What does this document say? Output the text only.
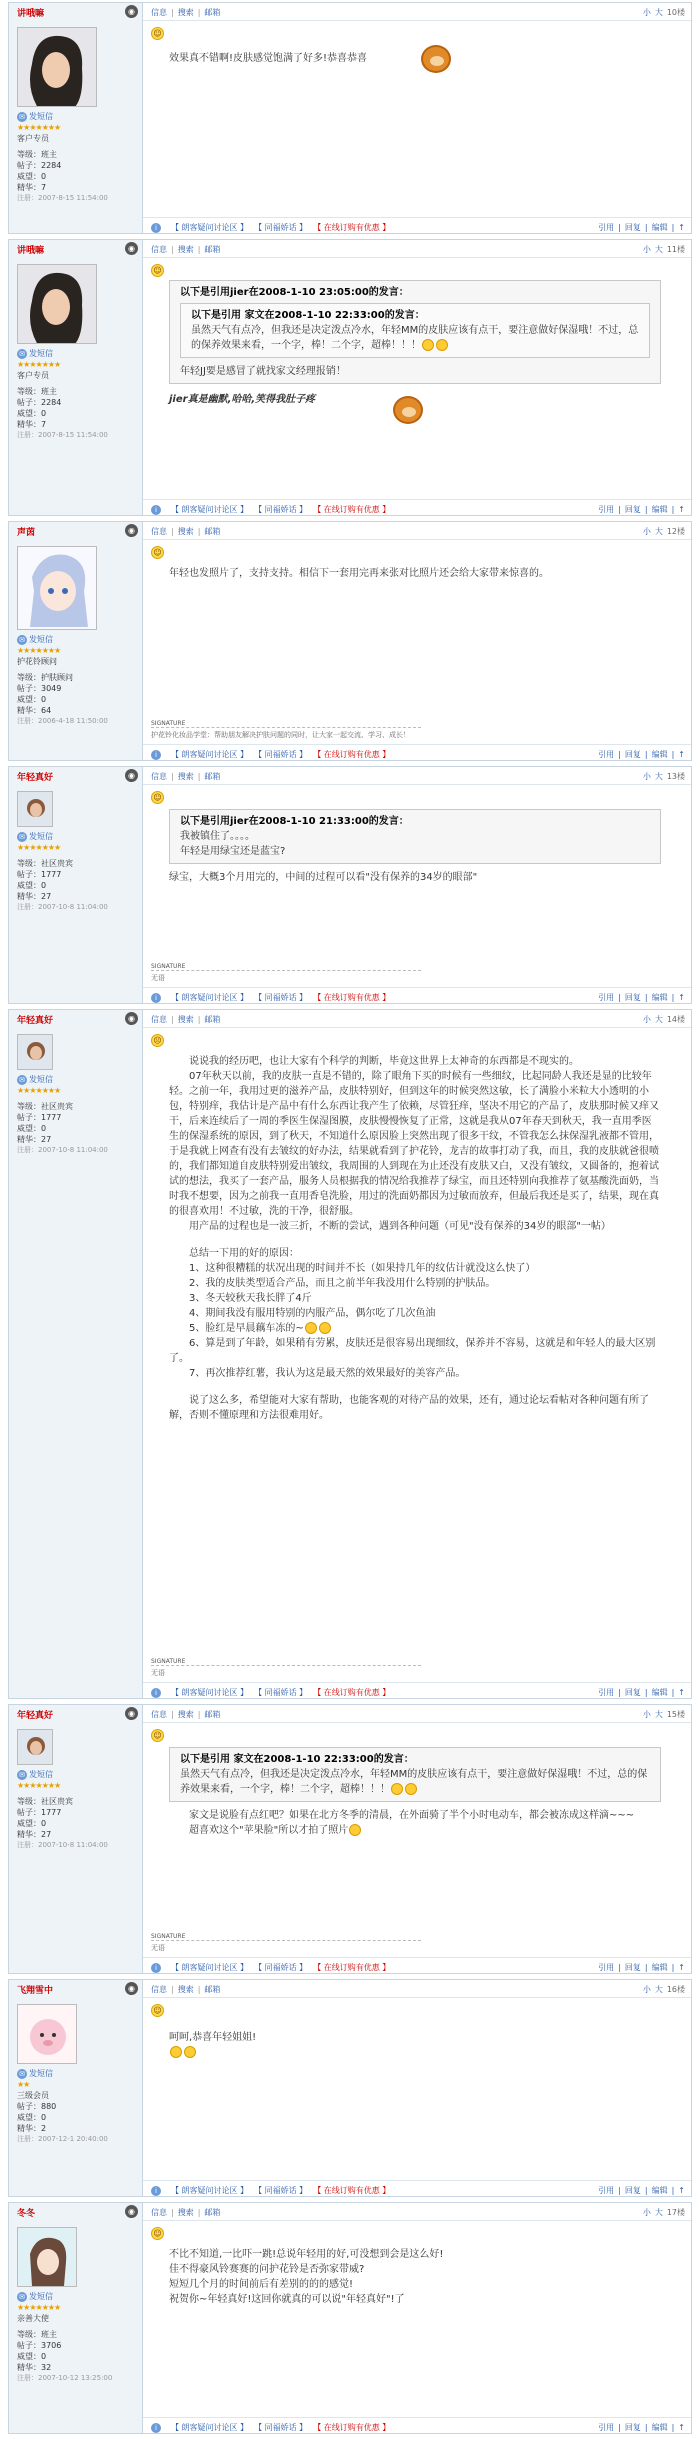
讲哦嘛	◉
✉ 发短信
★★★★★★★
客户专员
等级：班主
帖子：2284
威望：0
精华：7
注册：2007-8-15 11:54:00
信息 | 搜索 | 邮箱	小 大 10楼
☺
效果真不错啊!皮肤感觉饱满了好多!恭喜恭喜
i 【 朗客疑问讨论区 】 【 同福娇话 】 【 在线订购有优惠 】	引用 | 回复 | 编辑 | ↑
讲哦嘛	◉
✉ 发短信
★★★★★★★
客户专员
等级：班主
帖子：2284
威望：0
精华：7
注册：2007-8-15 11:54:00
信息 | 搜索 | 邮箱	小 大 11楼
☺
以下是引用jier在2008-1-10 23:05:00的发言：
以下是引用 家文在2008-1-10 22:33:00的发言：
虽然天气有点冷，但我还是决定泼点冷水，年轻MM的皮肤应该有点干，要注意做好保湿哦！不过，总的保养效果来看，一个字，棒！二个字，超棒！！！
年轻JJ要是感冒了就找家文经理报销！
jier真是幽默,哈哈,笑得我肚子疼
i 【 朗客疑问讨论区 】 【 同福娇话 】 【 在线订购有优惠 】	引用 | 回复 | 编辑 | ↑
声茵	◉
✉ 发短信
★★★★★★★
护花铃顾问
等级：护肤顾问
帖子：3049
威望：0
精华：64
注册：2006-4-18 11:50:00
信息 | 搜索 | 邮箱	小 大 12楼
☺
年轻也发照片了，支持支持。相信下一套用完再来张对比照片还会给大家带来惊喜的。
SIGNATURE
护花铃化妆品学堂：帮助朋友解决护肤问题的同时，让大家一起交流、学习、成长！
i 【 朗客疑问讨论区 】 【 同福娇话 】 【 在线订购有优惠 】	引用 | 回复 | 编辑 | ↑
年轻真好	◉
✉ 发短信
★★★★★★★
等级：社区贵宾
帖子：1777
威望：0
精华：27
注册：2007-10-8 11:04:00
信息 | 搜索 | 邮箱	小 大 13楼
☺
以下是引用jier在2008-1-10 21:33:00的发言：
我被镇住了。。。。
年轻是用绿宝还是蓝宝?
绿宝，大概3个月用完的，中间的过程可以看"没有保养的34岁的眼部"
SIGNATURE
无语
i 【 朗客疑问讨论区 】 【 同福娇话 】 【 在线订购有优惠 】	引用 | 回复 | 编辑 | ↑
年轻真好	◉
✉ 发短信
★★★★★★★
等级：社区贵宾
帖子：1777
威望：0
精华：27
注册：2007-10-8 11:04:00
信息 | 搜索 | 邮箱	小 大 14楼
☹
说说我的经历吧，也让大家有个科学的判断，毕竟这世界上太神奇的东西都是不现实的。
07年秋天以前，我的皮肤一直是不错的，除了眼角下买的时候有一些细纹，比起同龄人我还是显的比较年轻。之前一年，我用过更的滋养产品，皮肤特别好，但到这年的时候突然这敏，长了满脸小米粒大小透明的小包，特别痒，我估计是产品中有什么东西让我产生了依赖，尽管狂痒，坚决不用它的产品了，皮肤那时候又痒又干，后来连续后了一周的季医生保湿图膜，皮肤慢慢恢复了正常，这就是我从07年春天到秋天，我一直用季医生的保湿系统的原因，到了秋天，不知道什么原因脸上突然出现了很多干纹，不管我怎么抹保湿乳液都不管用，于是我就上网查有没有去皱纹的好办法，结果就看到了护花铃，龙吉的故事打动了我，而且，我的皮肤就爸很喷的，我们都知道自皮肤特别爱出皱纹，我周围的人到现在为止还没有皮肤又白，又没有皱纹，又圆备的，抱着试试的想法，我买了一套产品，服务人员根据我的情况给我推荐了绿宝，而且还特别向我推荐了氨基酸洗面奶，当时我不想要，因为之前我一直用香皂洗脸，用过的洗面奶都因为过敏而放弃，但最后我还是买了，结果，现在真的很喜欢用！不过敏，洗的干净，很舒服。
用产品的过程也是一波三折，不断的尝试，遇到各种问题（可见"没有保养的34岁的眼部"一帖）
总结一下用的好的原因：
1、这种很糟糕的状况出现的时间并不长（如果持几年的纹估计就没这么快了）
2、我的皮肤类型适合产品，而且之前半年我没用什么特别的护肤品。
3、冬天较秋天我长胖了4斤
4、期间我没有服用特别的内服产品，偶尔吃了几次鱼油
5、脸红是早晨藕车冻的~
6、算是到了年龄，如果稍有劳累，皮肤还是很容易出现细纹，保养并不容易，这就是和年轻人的最大区别了。
7、再次推荐红薯，我认为这是最天然的效果最好的美容产品。
说了这么多，希望能对大家有帮助，也能客观的对待产品的效果，还有，通过论坛看帖对各种问题有所了解，否则不懂原理和方法很难用好。
SIGNATURE
无语
i 【 朗客疑问讨论区 】 【 同福娇话 】 【 在线订购有优惠 】	引用 | 回复 | 编辑 | ↑
年轻真好	◉
✉ 发短信
★★★★★★★
等级：社区贵宾
帖子：1777
威望：0
精华：27
注册：2007-10-8 11:04:00
信息 | 搜索 | 邮箱	小 大 15楼
☺
以下是引用 家文在2008-1-10 22:33:00的发言：
虽然天气有点冷，但我还是决定泼点冷水，年轻MM的皮肤应该有点干，要注意做好保湿哦！不过，总的保养效果来看，一个字，棒！二个字，超棒！！！
家文是说脸有点红吧？如果在北方冬季的清晨，在外面骑了半个小时电动车，都会被冻成这样滴~~~
超喜欢这个"苹果脸"所以才拍了照片
SIGNATURE
无语
i 【 朗客疑问讨论区 】 【 同福娇话 】 【 在线订购有优惠 】	引用 | 回复 | 编辑 | ↑
飞翔雪中	◉
✉ 发短信
★★
三级会员
帖子：880
威望：0
精华：2
注册：2007-12-1 20:40:00
信息 | 搜索 | 邮箱	小 大 16楼
☺
呵呵,恭喜年轻姐姐!
i 【 朗客疑问讨论区 】 【 同福娇话 】 【 在线订购有优惠 】	引用 | 回复 | 编辑 | ↑
冬冬	◉
✉ 发短信
★★★★★★★
亲善大使
等级：班主
帖子：3706
威望：0
精华：32
注册：2007-10-12 13:25:00
信息 | 搜索 | 邮箱	小 大 17楼
☺
不比不知道,一比吓一跳!总说年轻用的好,可没想到会是这么好!
佳不得豪风铃赛赛的问护花铃是否弥家带威?
短短几个月的时间前后有差别的的的感觉!
祝贺你~年轻真好!这回你就真的可以说"年轻真好"!了
i 【 朗客疑问讨论区 】 【 同福娇话 】 【 在线订购有优惠 】	引用 | 回复 | 编辑 | ↑
